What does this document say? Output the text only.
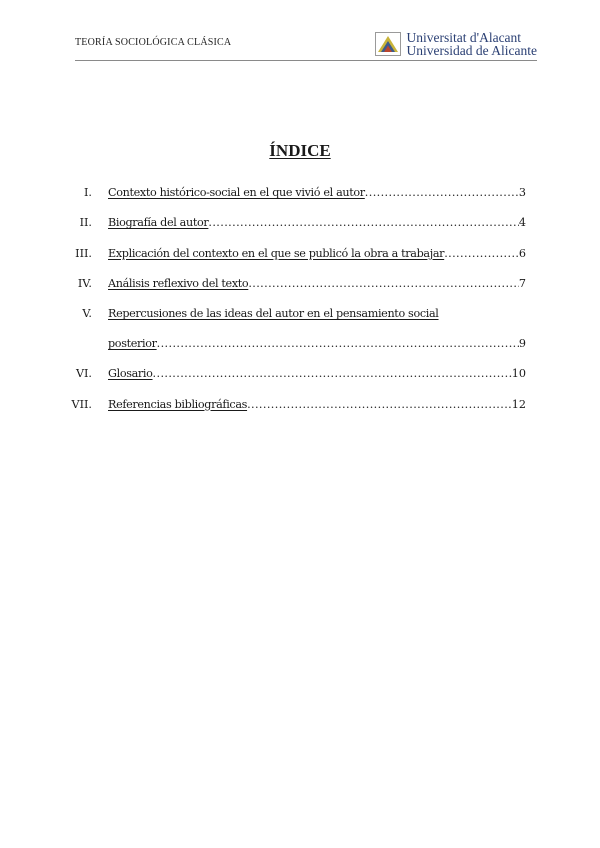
TEORÍA SOCIOLÓGICA CLÁSICA	Universitat d'Alacant
Universidad de Alicante
ÍNDICE
I. Contexto histórico-social en el que vivió el autor .....	3
II. Biografía del autor .....	4
III. Explicación del contexto en el que se publicó la obra a trabajar .....	6
IV. Análisis reflexivo del texto .....	7
V. Repercusiones de las ideas del autor en el pensamiento social
posterior .....	9
VI. Glosario .....	10
VII. Referencias bibliográficas .....	12
